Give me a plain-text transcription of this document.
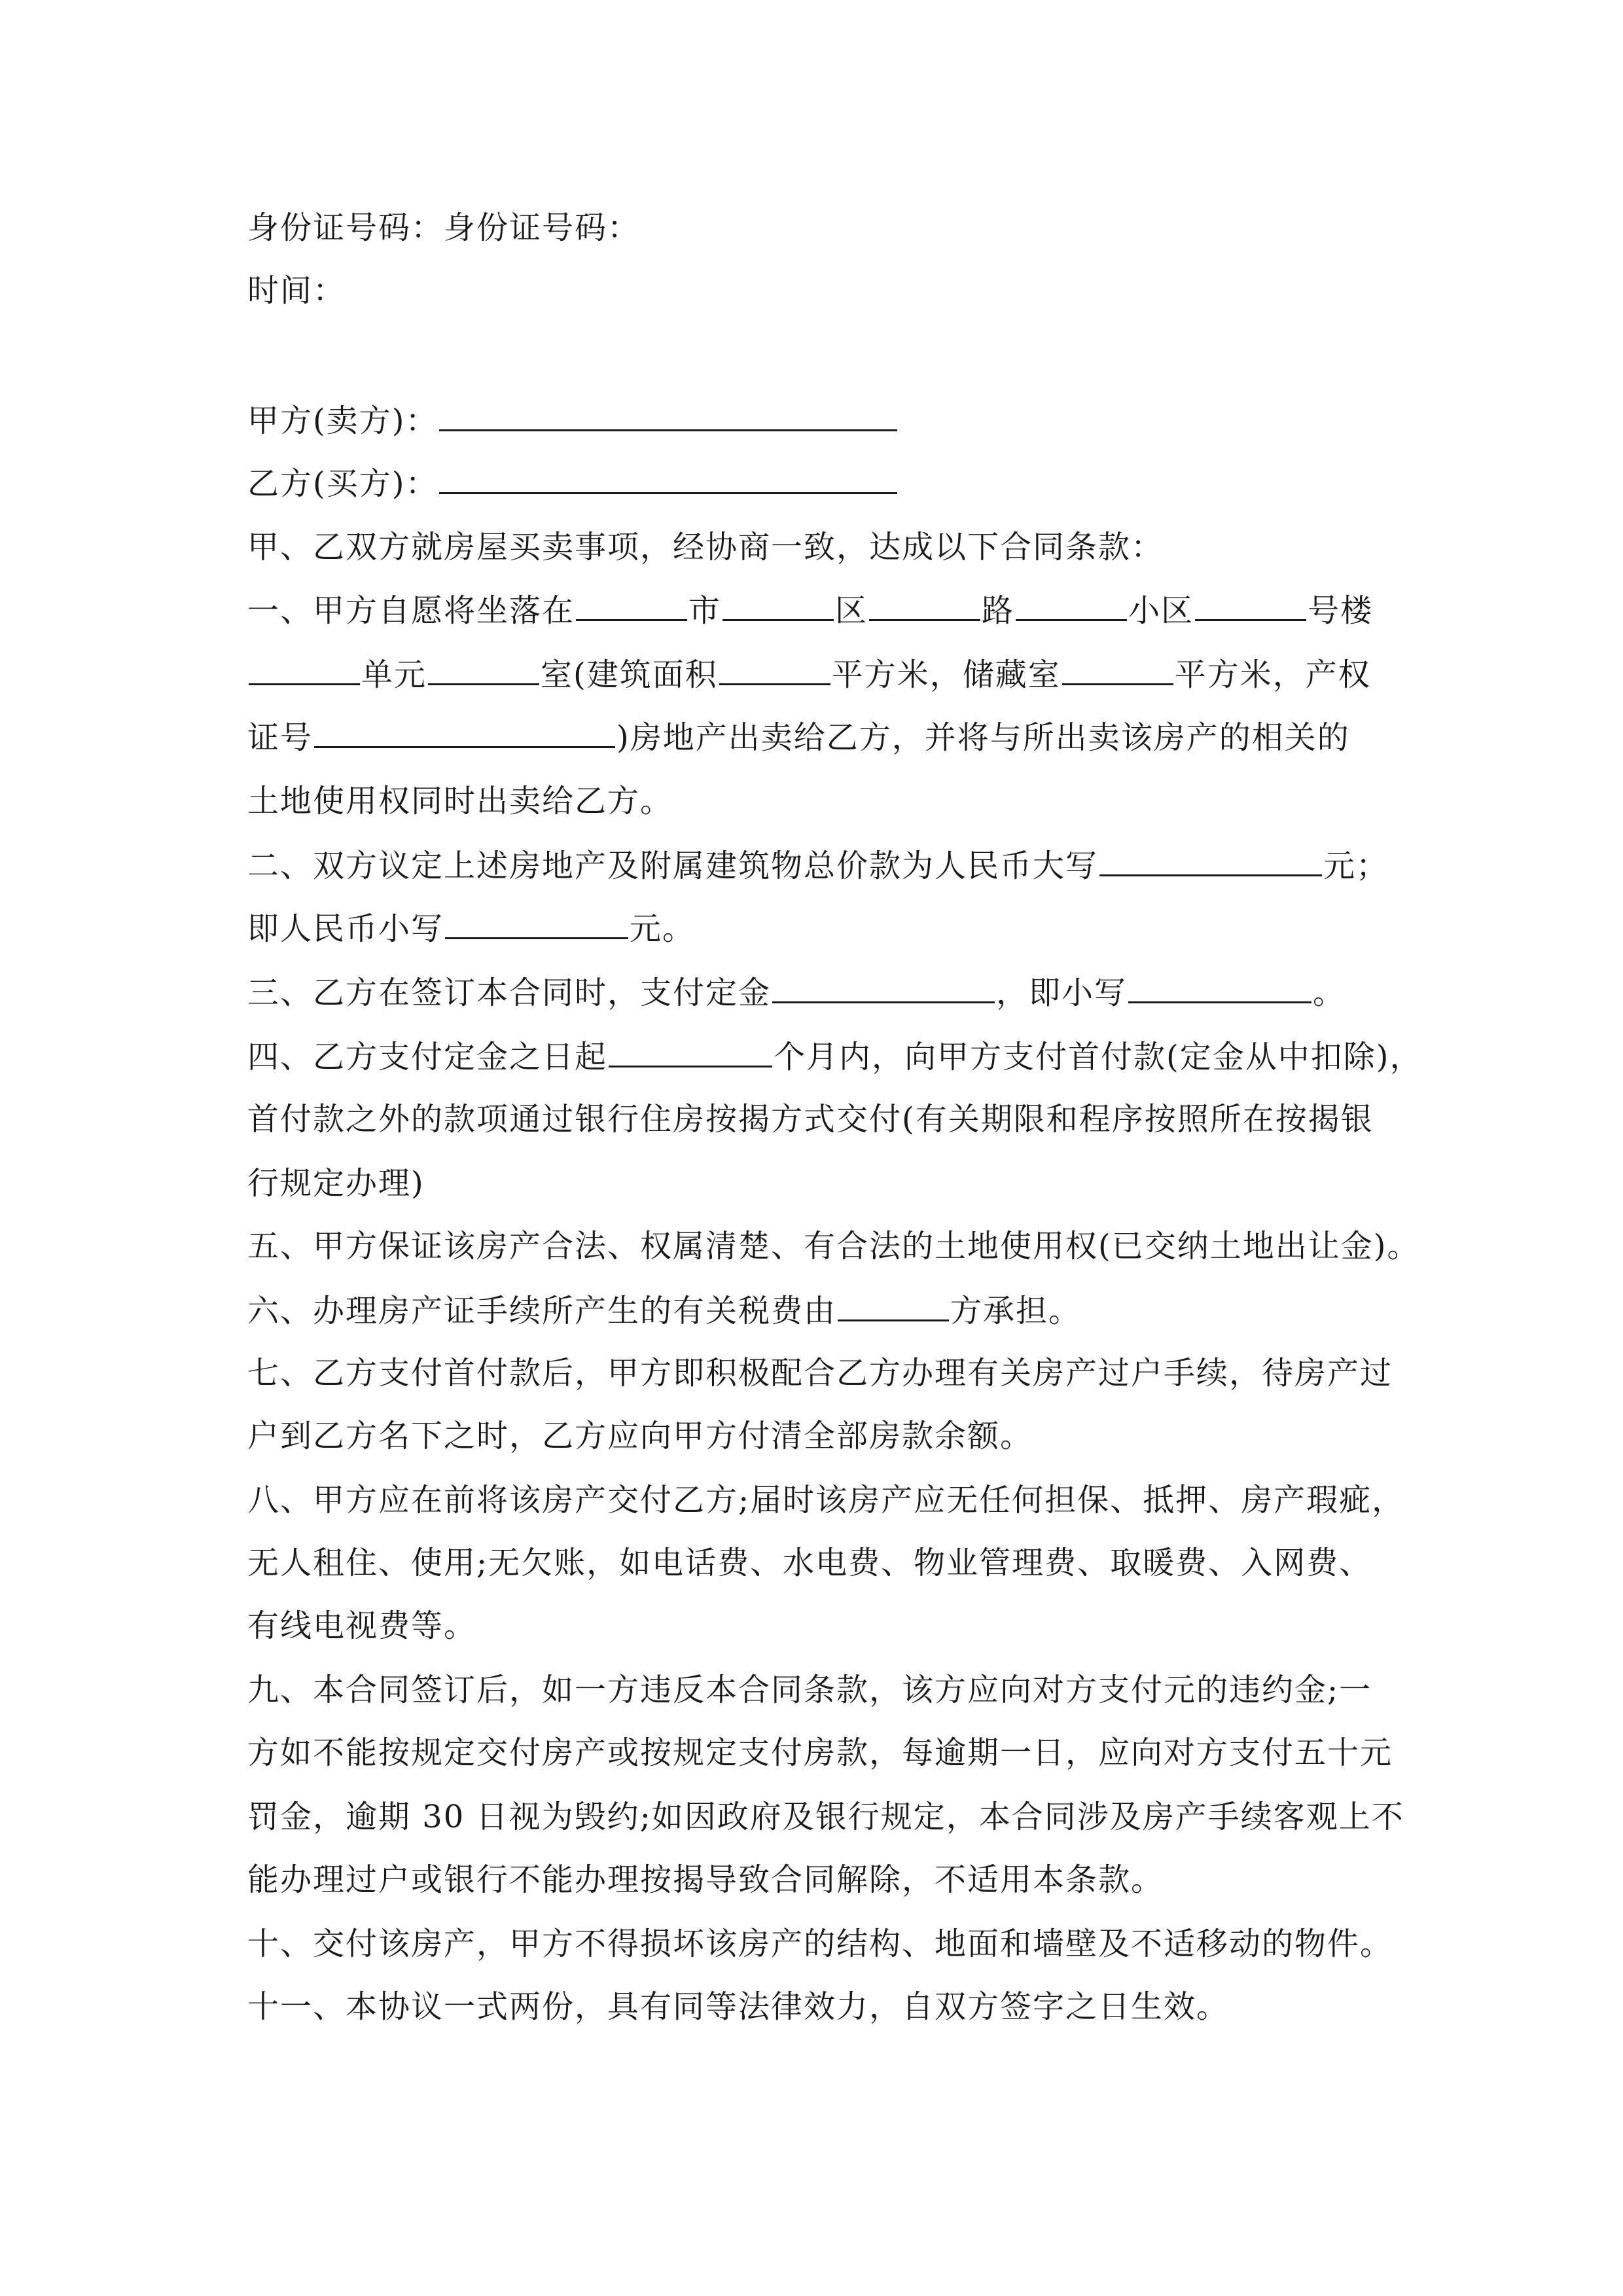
身份证号码：身份证号码：
时间：
甲方(卖方)：
乙方(买方)：
甲、乙双方就房屋买卖事项，经协商一致，达成以下合同条款：
一、甲方自愿将坐落在	市	区	路	小区	号楼
单元	室(建筑面积	平方米，储藏室	平方米，产权
证号	)房地产出卖给乙方，并将与所出卖该房产的相关的
土地使用权同时出卖给乙方。
二、双方议定上述房地产及附属建筑物总价款为人民币大写	元；
即人民币小写	元。
三、乙方在签订本合同时，支付定金	，即小写	。
四、乙方支付定金之日起	个月内，向甲方支付首付款(定金从中扣除)，
首付款之外的款项通过银行住房按揭方式交付(有关期限和程序按照所在按揭银
行规定办理)
五、甲方保证该房产合法、权属清楚、有合法的土地使用权(已交纳土地出让金)。
六、办理房产证手续所产生的有关税费由	方承担。
七、乙方支付首付款后，甲方即积极配合乙方办理有关房产过户手续，待房产过
户到乙方名下之时，乙方应向甲方付清全部房款余额。
八、甲方应在前将该房产交付乙方;届时该房产应无任何担保、抵押、房产瑕疵，
无人租住、使用;无欠账，如电话费、水电费、物业管理费、取暖费、入网费、
有线电视费等。
九、本合同签订后，如一方违反本合同条款，该方应向对方支付元的违约金;一
方如不能按规定交付房产或按规定支付房款，每逾期一日，应向对方支付五十元
罚金，逾期 30 日视为毁约;如因政府及银行规定，本合同涉及房产手续客观上不
能办理过户或银行不能办理按揭导致合同解除，不适用本条款。
十、交付该房产，甲方不得损坏该房产的结构、地面和墙壁及不适移动的物件。
十一、本协议一式两份，具有同等法律效力，自双方签字之日生效。
